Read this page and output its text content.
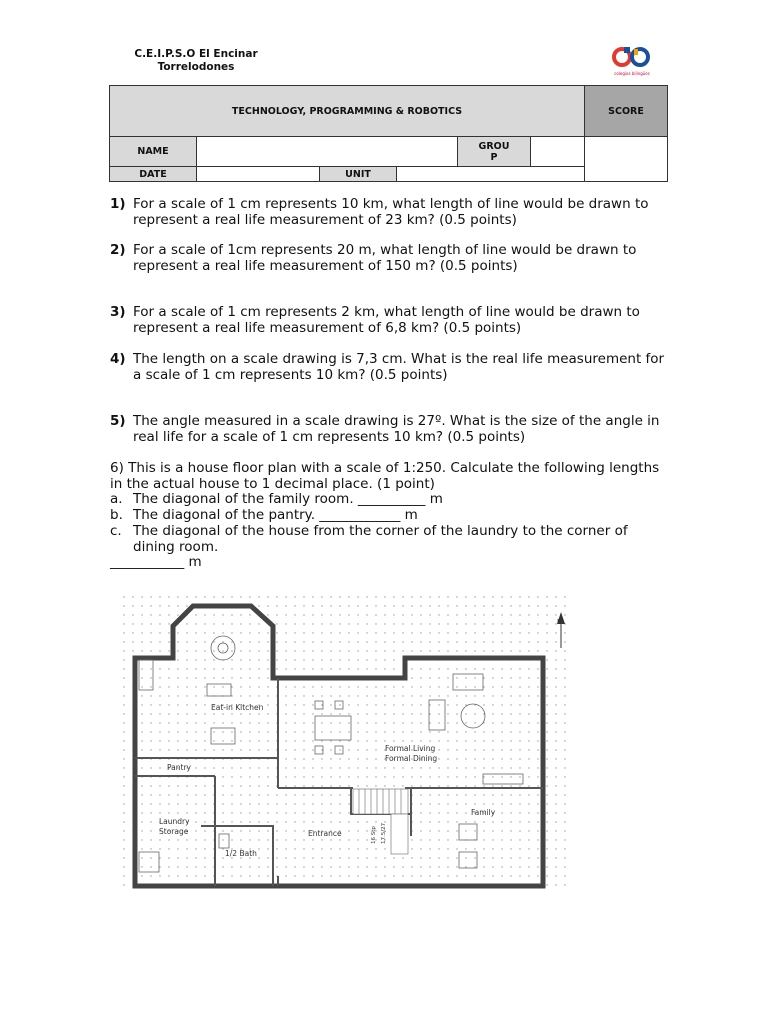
C.E.I.P.S.O El Encinar
Torrelodones
colegios bilingües
TECHNOLOGY, PROGRAMMING & ROBOTICS					SCORE
NAME				GROU
P	

DATE		UNIT			
1) For a scale of 1 cm represents 10 km, what length of line would be drawn to represent a real life measurement of 23 km? (0.5 points)
2) For a scale of 1cm represents 20 m, what length of line would be drawn to represent a real life measurement of 150 m? (0.5 points)
3) For a scale of 1 cm represents 2 km, what length of line would be drawn to represent a real life measurement of 6,8 km? (0.5 points)
4) The length on a scale drawing is 7,3 cm. What is the real life measurement for a scale of 1 cm represents 10 km? (0.5 points)
5) The angle measured in a scale drawing is 27º. What is the size of the angle in real life for a scale of 1 cm represents 10 km? (0.5 points)
6) This is a house floor plan with a scale of 1:250. Calculate the following lengths in the actual house to 1 decimal place. (1 point)
a. The diagonal of the family room. __________ m
b. The diagonal of the pantry. ____________ m
c. The diagonal of the house from the corner of the laundry to the corner of dining room.
___________ m
Eat-in Kitchen
Pantry
Laundry
Storage
1/2 Bath
Entrance
Formal Living
Formal Dining
Family
16 Stp 17.5/27
N
